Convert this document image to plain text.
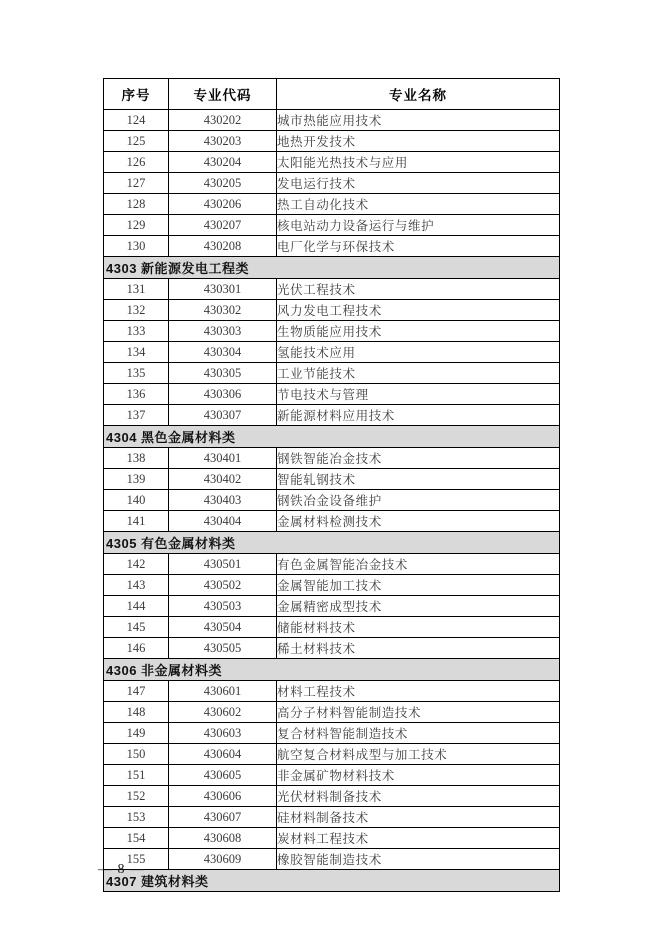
序号	专业代码	专业名称
124	430202	城市热能应用技术
125	430203	地热开发技术
126	430204	太阳能光热技术与应用
127	430205	发电运行技术
128	430206	热工自动化技术
129	430207	核电站动力设备运行与维护
130	430208	电厂化学与环保技术
4303 新能源发电工程类		
131	430301	光伏工程技术
132	430302	风力发电工程技术
133	430303	生物质能应用技术
134	430304	氢能技术应用
135	430305	工业节能技术
136	430306	节电技术与管理
137	430307	新能源材料应用技术
4304 黑色金属材料类		
138	430401	钢铁智能冶金技术
139	430402	智能轧钢技术
140	430403	钢铁冶金设备维护
141	430404	金属材料检测技术
4305 有色金属材料类		
142	430501	有色金属智能冶金技术
143	430502	金属智能加工技术
144	430503	金属精密成型技术
145	430504	储能材料技术
146	430505	稀土材料技术
4306 非金属材料类		
147	430601	材料工程技术
148	430602	高分子材料智能制造技术
149	430603	复合材料智能制造技术
150	430604	航空复合材料成型与加工技术
151	430605	非金属矿物材料技术
152	430606	光伏材料制备技术
153	430607	硅材料制备技术
154	430608	炭材料工程技术
155	430609	橡胶智能制造技术
4307 建筑材料类		
— 8 —
